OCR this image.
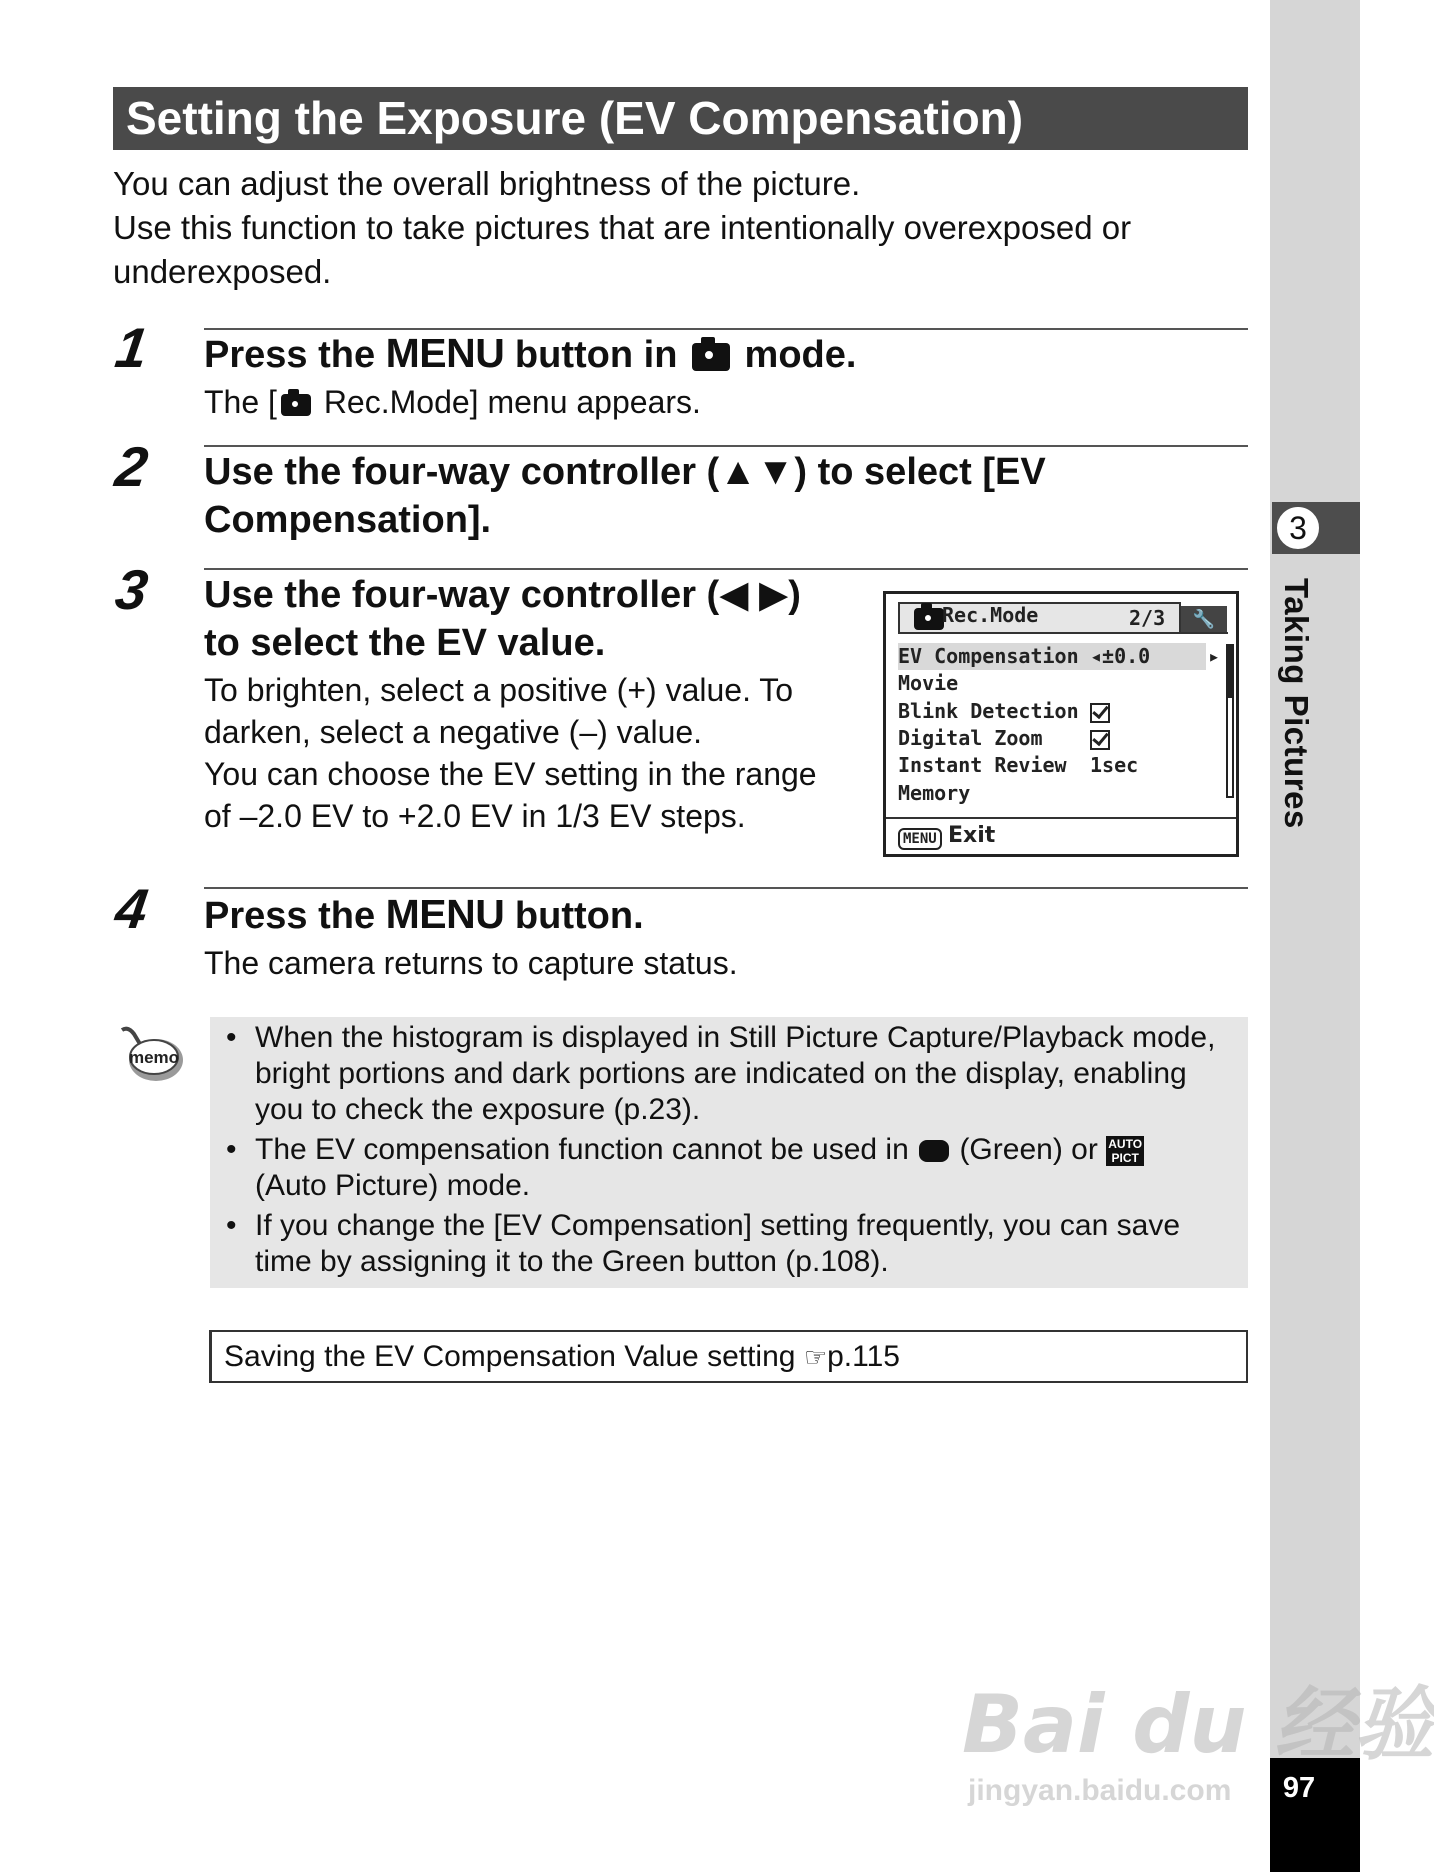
3
Taking Pictures
97
Setting the Exposure (EV Compensation)
You can adjust the overall brightness of the picture.
Use this function to take pictures that are intentionally overexposed or underexposed.
1 Press the MENU button in  mode.

The [ Rec.Mode] menu appears.

2 Use the four-way controller (▲▼) to select [EV
Compensation].

3 Use the four-way controller (◀ ▶)
to select the EV value.

To brighten, select a positive (+) value. To
darken, select a negative (–) value.
You can choose the EV setting in the range
of –2.0 EV to +2.0 EV in 1/3 EV steps.

Rec.Mode	2/3	🔧
EV Compensation ◂±0.0	▸
Movie
Blink Detection
Digital Zoom
Instant Review 1sec
Memory
MENU Exit
4 Press the MENU button.

The camera returns to capture status.

memo
• When the histogram is displayed in Still Picture Capture/Playback mode, bright portions and dark portions are indicated on the display, enabling you to check the exposure (p.23).
• The EV compensation function cannot be used in  (Green) or AUTO
PICT
(Auto Picture) mode.
• If you change the [EV Compensation] setting frequently, you can save time by assigning it to the Green button (p.108).
Saving the EV Compensation Value setting ☞p.115
Bai du 经验
jingyan.baidu.com
